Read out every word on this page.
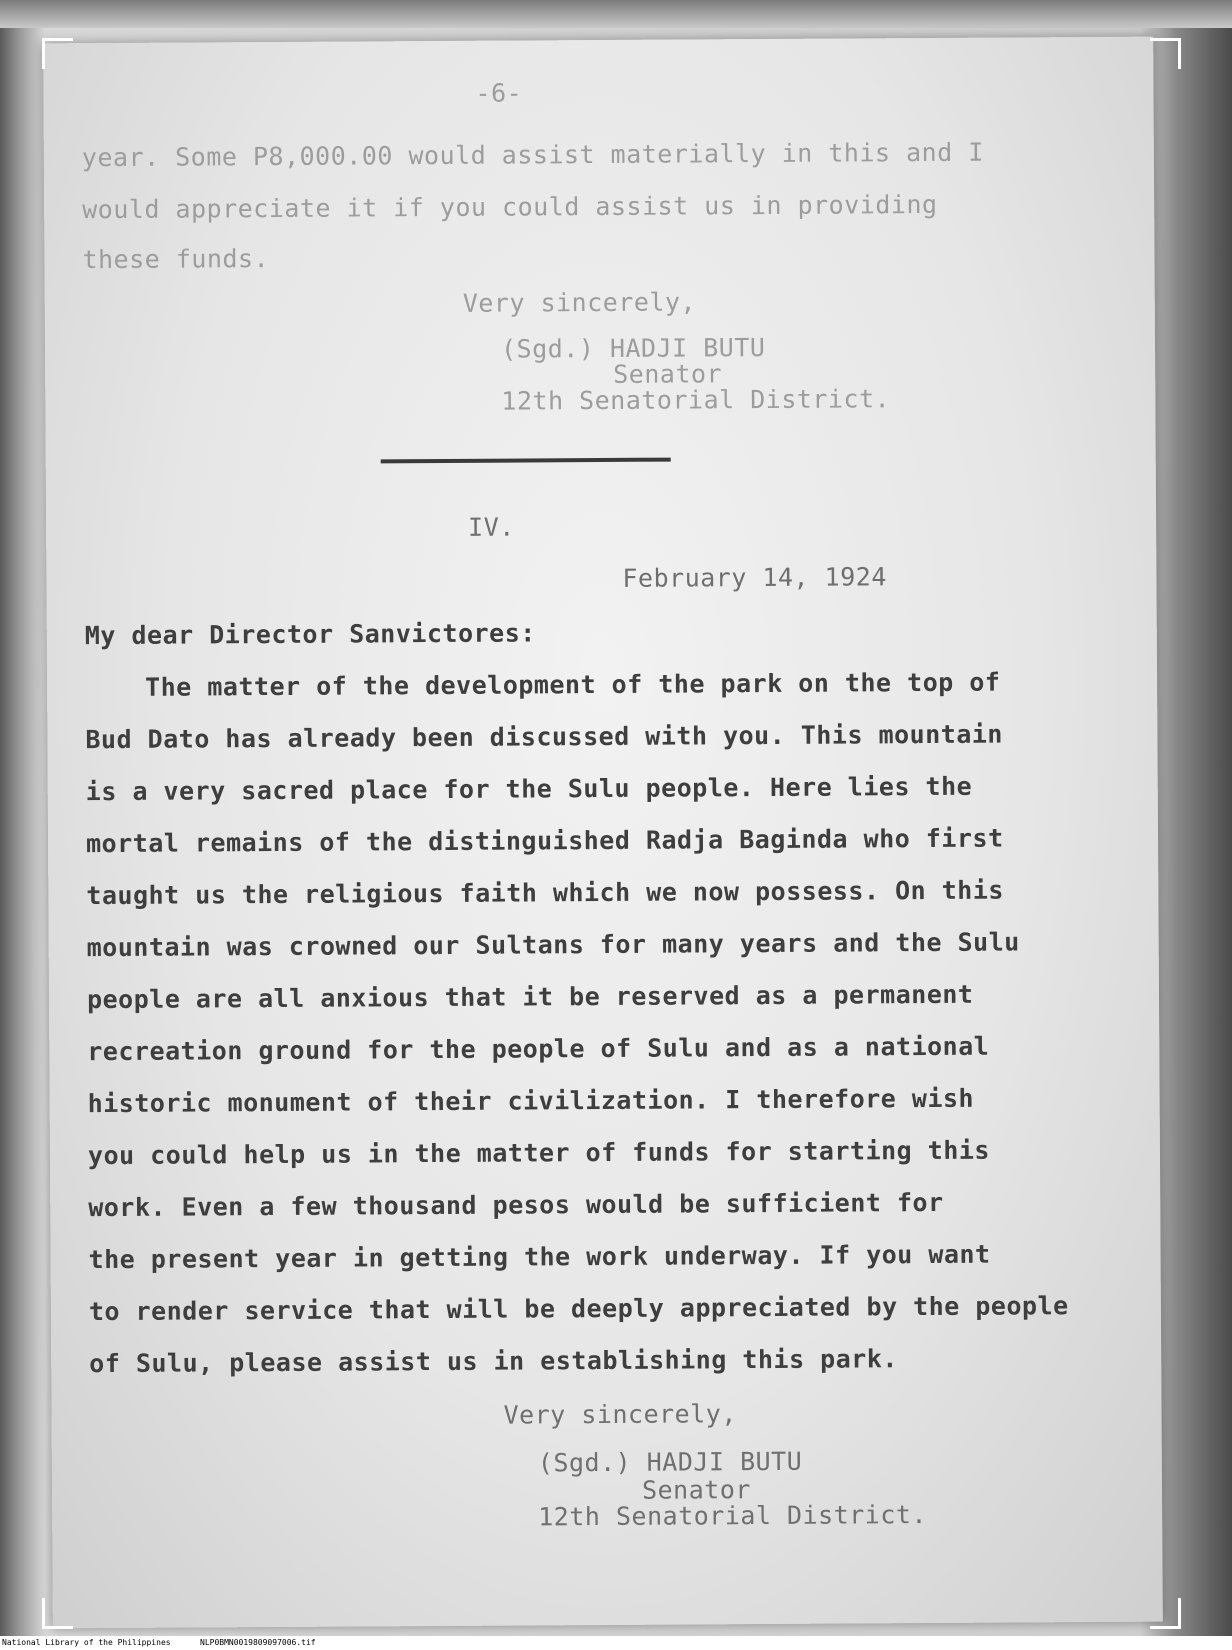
-6-
year. Some P8,000.00 would assist materially in this and I
would appreciate it if you could assist us in providing
these funds.
Very sincerely,
(Sgd.) HADJI BUTU
Senator
12th Senatorial District.
IV.
February 14, 1924
My dear Director Sanvictores:
The matter of the development of the park on the top of
Bud Dato has already been discussed with you. This mountain
is a very sacred place for the Sulu people. Here lies the
mortal remains of the distinguished Radja Baginda who first
taught us the religious faith which we now possess. On this
mountain was crowned our Sultans for many years and the Sulu
people are all anxious that it be reserved as a permanent
recreation ground for the people of Sulu and as a national
historic monument of their civilization. I therefore wish
you could help us in the matter of funds for starting this
work. Even a few thousand pesos would be sufficient for
the present year in getting the work underway. If you want
to render service that will be deeply appreciated by the people
of Sulu, please assist us in establishing this park.
Very sincerely,
(Sgd.) HADJI BUTU
Senator
12th Senatorial District.
National Library of the Philippines	NLP0BMN0019809097006.tif
